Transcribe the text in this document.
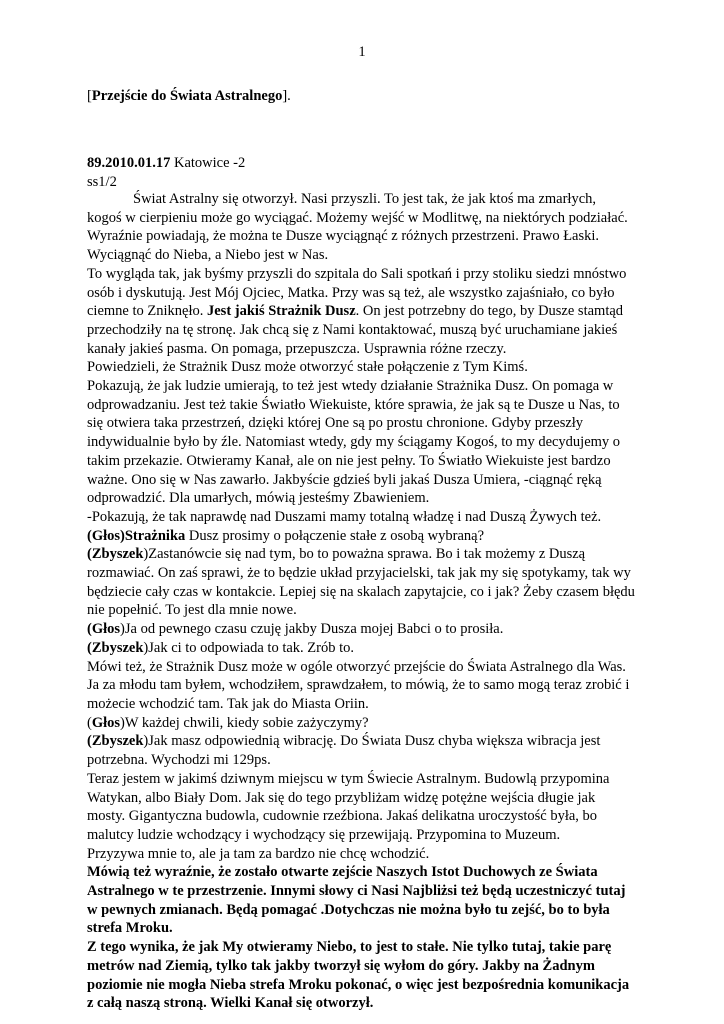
1
[Przejście do Świata Astralnego].
89.2010.01.17 Katowice -2
ss1/2
Świat Astralny się otworzył. Nasi przyszli. To jest tak, że jak ktoś ma zmarłych,
kogoś w cierpieniu może go wyciągać. Możemy wejść w Modlitwę, na niektórych podziałać.
Wyraźnie powiadają, że można te Dusze wyciągnąć z różnych przestrzeni. Prawo Łaski.
Wyciągnąć do Nieba, a Niebo jest w Nas.
To wygląda tak, jak byśmy przyszli do szpitala do Sali spotkań i przy stoliku siedzi mnóstwo
osób i dyskutują. Jest Mój Ojciec, Matka. Przy was są też, ale wszystko zajaśniało, co było
ciemne to Zniknęło. Jest jakiś Strażnik Dusz. On jest potrzebny do tego, by Dusze stamtąd
przechodziły na tę stronę. Jak chcą się z Nami kontaktować, muszą być uruchamiane jakieś
kanały jakieś pasma. On pomaga, przepuszcza. Usprawnia różne rzeczy.
Powiedzieli, że Strażnik Dusz może otworzyć stałe połączenie z Tym Kimś.
Pokazują, że jak ludzie umierają, to też jest wtedy działanie Strażnika Dusz. On pomaga w
odprowadzaniu. Jest też takie Światło Wiekuiste, które sprawia, że jak są te Dusze u Nas, to
się otwiera taka przestrzeń, dzięki której One są po prostu chronione. Gdyby przeszły
indywidualnie było by źle. Natomiast wtedy, gdy my ściągamy Kogoś, to my decydujemy o
takim przekazie. Otwieramy Kanał, ale on nie jest pełny. To Światło Wiekuiste jest bardzo
ważne. Ono się w Nas zawarło. Jakbyście gdzieś byli jakaś Dusza Umiera, -ciągnąć ręką
odprowadzić. Dla umarłych, mówią jesteśmy Zbawieniem.
-Pokazują, że tak naprawdę nad Duszami mamy totalną władzę i nad Duszą Żywych też.
(Głos)Strażnika Dusz prosimy o połączenie stałe z osobą wybraną?
(Zbyszek)Zastanówcie się nad tym, bo to poważna sprawa. Bo i tak możemy z Duszą
rozmawiać. On zaś sprawi, że to będzie układ przyjacielski, tak jak my się spotykamy, tak wy
będziecie cały czas w kontakcie. Lepiej się na skalach zapytajcie, co i jak? Żeby czasem błędu
nie popełnić. To jest dla mnie nowe.
(Głos)Ja od pewnego czasu czuję jakby Dusza mojej Babci o to prosiła.
(Zbyszek)Jak ci to odpowiada to tak. Zrób to.
Mówi też, że Strażnik Dusz może w ogóle otworzyć przejście do Świata Astralnego dla Was.
Ja za młodu tam byłem, wchodziłem, sprawdzałem, to mówią, że to samo mogą teraz zrobić i
możecie wchodzić tam. Tak jak do Miasta Oriin.
(Głos)W każdej chwili, kiedy sobie zażyczymy?
(Zbyszek)Jak masz odpowiednią wibrację. Do Świata Dusz chyba większa wibracja jest
potrzebna. Wychodzi mi 129ps.
Teraz jestem w jakimś dziwnym miejscu w tym Świecie Astralnym. Budowlą przypomina
Watykan, albo Biały Dom. Jak się do tego przybliżam widzę potężne wejścia długie jak
mosty. Gigantyczna budowla, cudownie rzeźbiona. Jakaś delikatna uroczystość była, bo
malutcy ludzie wchodzący i wychodzący się przewijają. Przypomina to Muzeum.
Przyzywa mnie to, ale ja tam za bardzo nie chcę wchodzić.
Mówią też wyraźnie, że zostało otwarte zejście Naszych Istot Duchowych ze Świata
Astralnego w te przestrzenie. Innymi słowy ci Nasi Najbliżsi też będą uczestniczyć tutaj
w pewnych zmianach. Będą pomagać .Dotychczas nie można było tu zejść, bo to była
strefa Mroku.
Z tego wynika, że jak My otwieramy Niebo, to jest to stałe. Nie tylko tutaj, takie parę
metrów nad Ziemią, tylko tak jakby tworzył się wyłom do góry. Jakby na Żadnym
poziomie nie mogła Nieba strefa Mroku pokonać, o więc jest bezpośrednia komunikacja
z całą naszą stroną. Wielki Kanał się otworzył.
